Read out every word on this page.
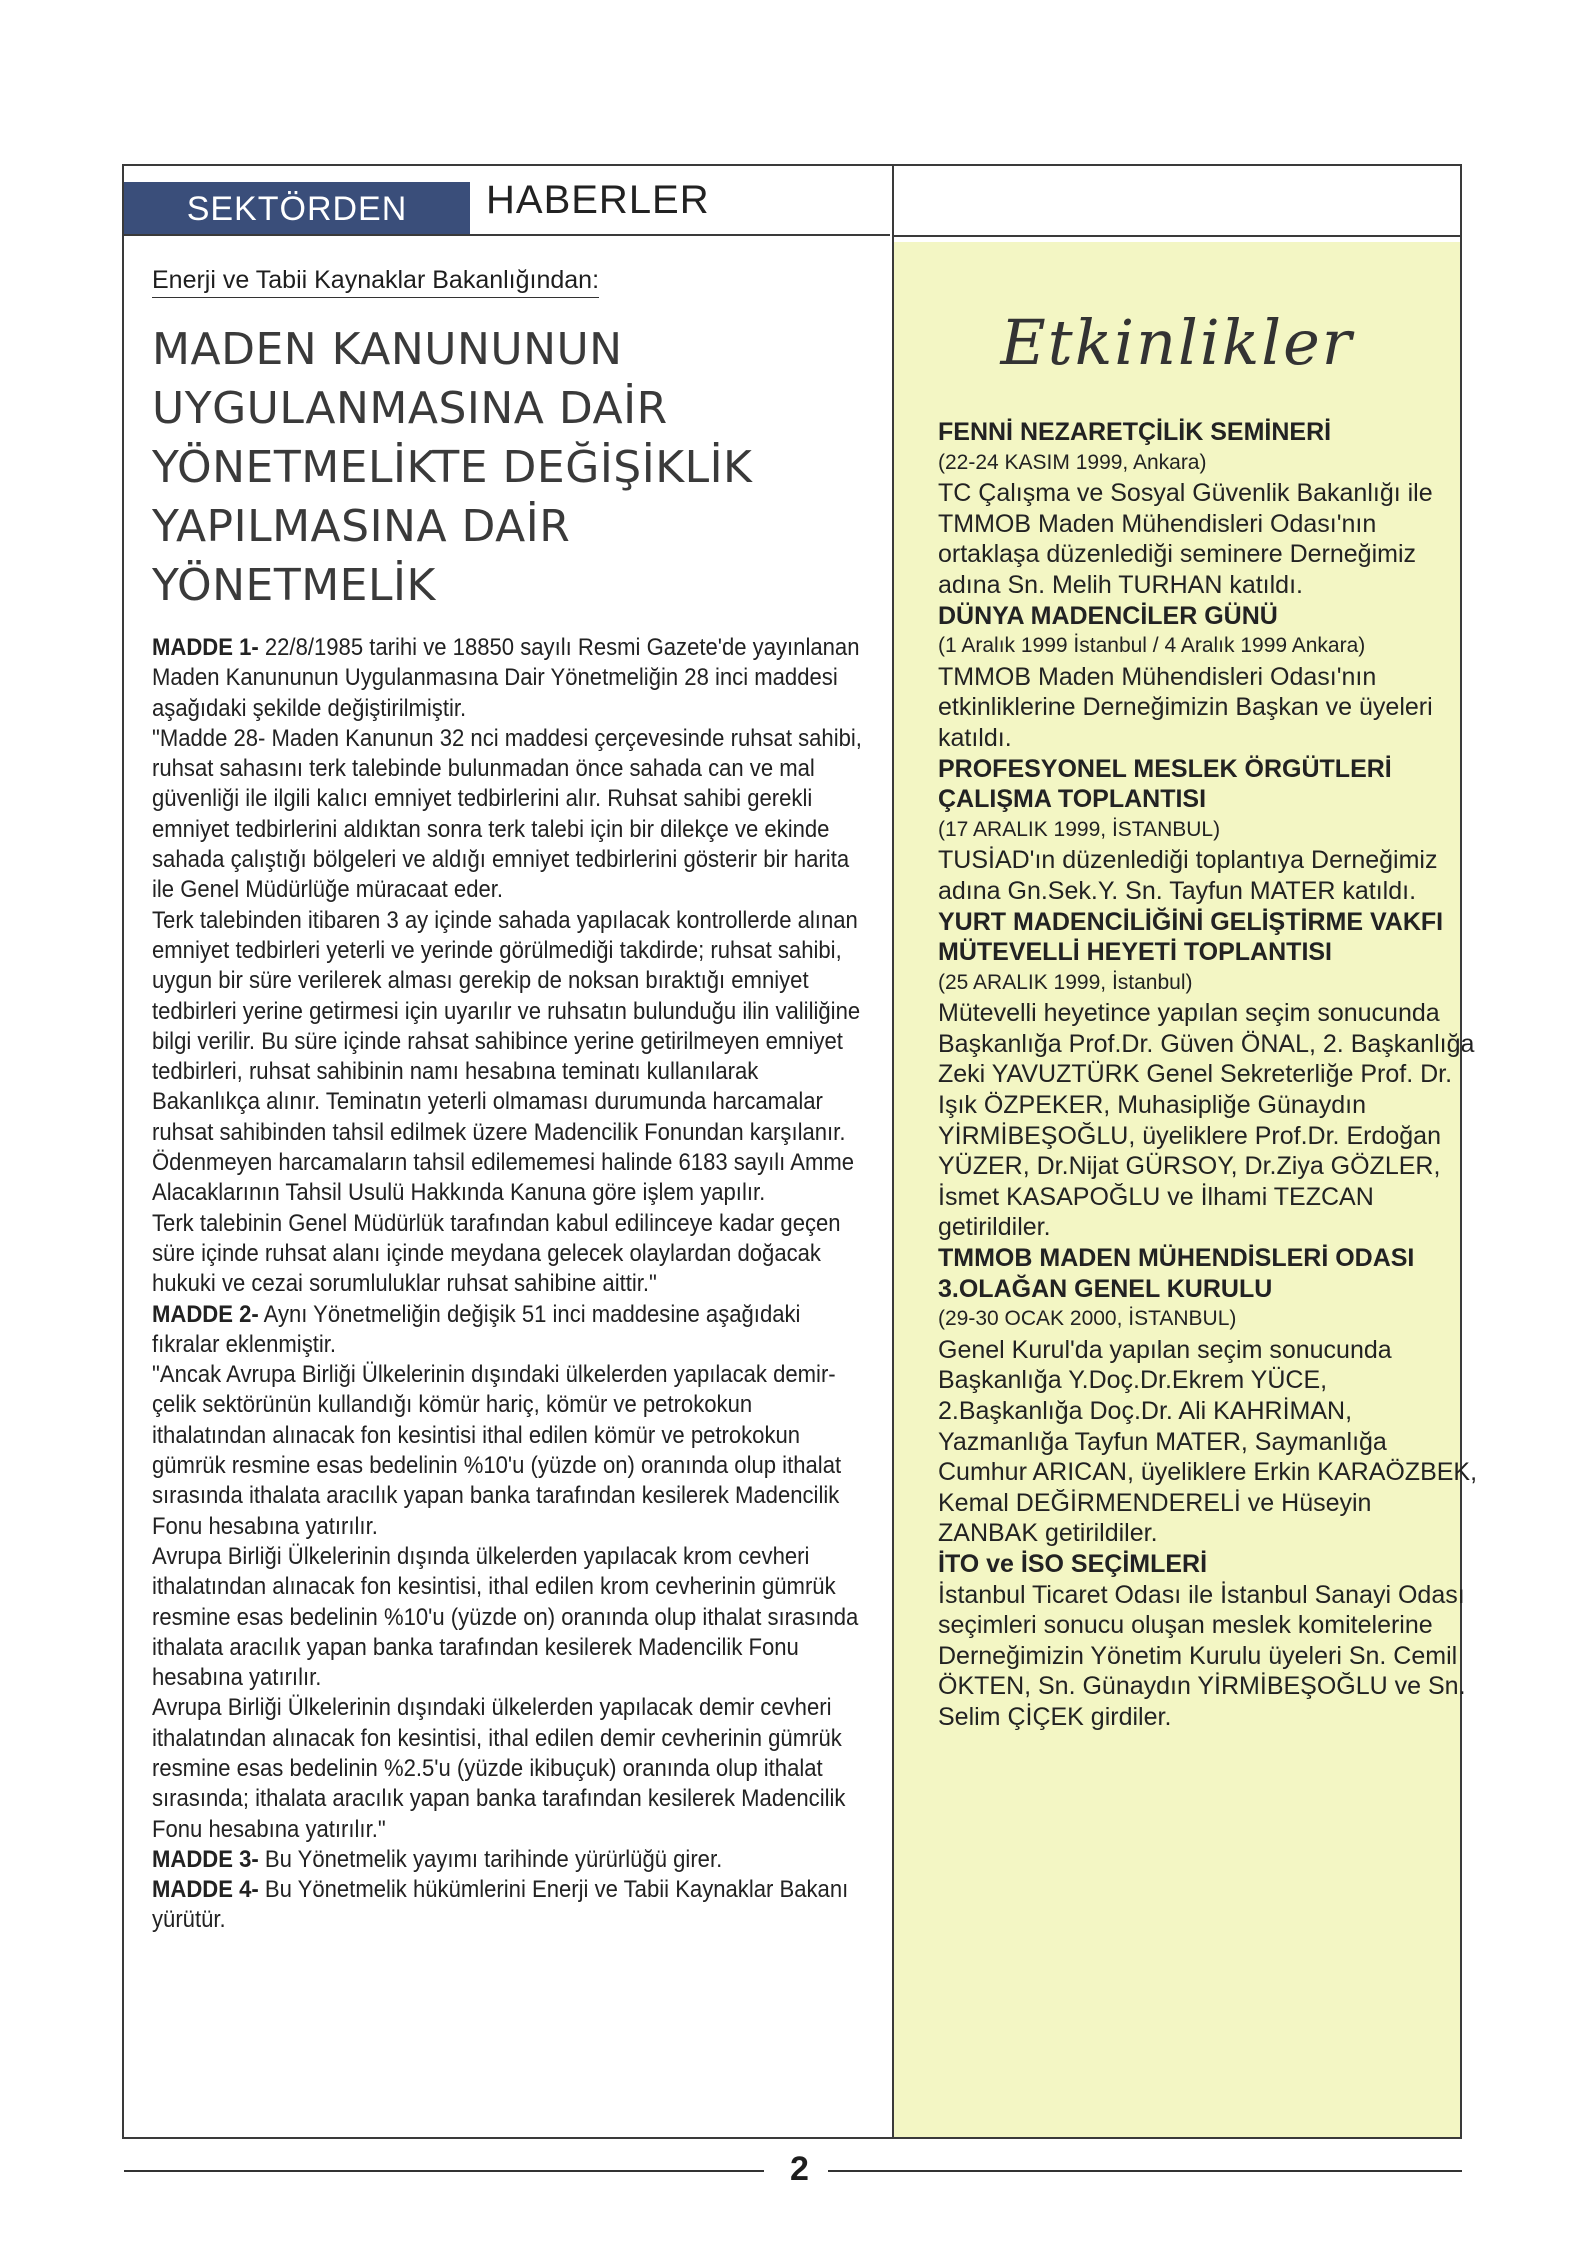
SEKTÖRDEN	HABERLER
Enerji ve Tabii Kaynaklar Bakanlığından:
MADEN KANUNUNUN
UYGULANMASINA DAİR
YÖNETMELİKTE DEĞİŞİKLİK
YAPILMASINA DAİR
YÖNETMELİK

MADDE 1- 22/8/1985 tarihi ve 18850 sayılı Resmi Gazete'de yayınlanan Maden Kanununun Uygulanmasına Dair Yönetmeliğin 28 inci maddesi aşağıdaki şekilde değiştirilmiştir.

"Madde 28- Maden Kanunun 32 nci maddesi çerçevesinde ruhsat sahibi, ruhsat sahasını terk talebinde bulunmadan önce sahada can ve mal güvenliği ile ilgili kalıcı emniyet tedbirlerini alır. Ruhsat sahibi gerekli emniyet tedbirlerini aldıktan sonra terk talebi için bir dilekçe ve ekinde sahada çalıştığı bölgeleri ve aldığı emniyet tedbirlerini gösterir bir harita ile Genel Müdürlüğe müracaat eder.

Terk talebinden itibaren 3 ay içinde sahada yapılacak kontrollerde alınan emniyet tedbirleri yeterli ve yerinde görülmediği takdirde; ruhsat sahibi, uygun bir süre verilerek alması gerekip de noksan bıraktığı emniyet tedbirleri yerine getirmesi için uyarılır ve ruhsatın bulunduğu ilin valiliğine bilgi verilir. Bu süre içinde rahsat sahibince yerine getirilmeyen emniyet tedbirleri, ruhsat sahibinin namı hesabına teminatı kullanılarak Bakanlıkça alınır. Teminatın yeterli olmaması durumunda harcamalar ruhsat sahibinden tahsil edilmek üzere Madencilik Fonundan karşılanır. Ödenmeyen harcamaların tahsil edilememesi halinde 6183 sayılı Amme Alacaklarının Tahsil Usulü Hakkında Kanuna göre işlem yapılır.

Terk talebinin Genel Müdürlük tarafından kabul edilinceye kadar geçen süre içinde ruhsat alanı içinde meydana gelecek olaylardan doğacak hukuki ve cezai sorumluluklar ruhsat sahibine aittir."

MADDE 2- Aynı Yönetmeliğin değişik 51 inci maddesine aşağıdaki fıkralar eklenmiştir.

"Ancak Avrupa Birliği Ülkelerinin dışındaki ülkelerden yapılacak demir-çelik sektörünün kullandığı kömür hariç, kömür ve petrokokun ithalatından alınacak fon kesintisi ithal edilen kömür ve petrokokun gümrük resmine esas bedelinin %10'u (yüzde on) oranında olup ithalat sırasında ithalata aracılık yapan banka tarafından kesilerek Madencilik Fonu hesabına yatırılır.

Avrupa Birliği Ülkelerinin dışında ülkelerden yapılacak krom cevheri ithalatından alınacak fon kesintisi, ithal edilen krom cevherinin gümrük resmine esas bedelinin %10'u (yüzde on) oranında olup ithalat sırasında ithalata aracılık yapan banka tarafından kesilerek Madencilik Fonu hesabına yatırılır.

Avrupa Birliği Ülkelerinin dışındaki ülkelerden yapılacak demir cevheri ithalatından alınacak fon kesintisi, ithal edilen demir cevherinin gümrük resmine esas bedelinin %2.5'u (yüzde ikibuçuk) oranında olup ithalat sırasında; ithalata aracılık yapan banka tarafından kesilerek Madencilik Fonu hesabına yatırılır."

MADDE 3- Bu Yönetmelik yayımı tarihinde yürürlüğü girer.

MADDE 4- Bu Yönetmelik hükümlerini Enerji ve Tabii Kaynaklar Bakanı yürütür.

Etkinlikler

FENNİ NEZARETÇİLİK SEMİNERİ

(22-24 KASIM 1999, Ankara)

TC Çalışma ve Sosyal Güvenlik Bakanlığı ile TMMOB Maden Mühendisleri Odası'nın ortaklaşa düzenlediği seminere Derneğimiz adına Sn. Melih TURHAN katıldı.

DÜNYA MADENCİLER GÜNÜ

(1 Aralık 1999 İstanbul / 4 Aralık 1999 Ankara)

TMMOB Maden Mühendisleri Odası'nın etkinliklerine Derneğimizin Başkan ve üyeleri katıldı.

PROFESYONEL MESLEK ÖRGÜTLERİ ÇALIŞMA TOPLANTISI

(17 ARALIK 1999, İSTANBUL)

TUSİAD'ın düzenlediği toplantıya Derneğimiz adına Gn.Sek.Y. Sn. Tayfun MATER katıldı.

YURT MADENCİLİĞİNİ GELİŞTİRME VAKFI MÜTEVELLİ HEYETİ TOPLANTISI

(25 ARALIK 1999, İstanbul)

Mütevelli heyetince yapılan seçim sonucunda Başkanlığa Prof.Dr. Güven ÖNAL, 2. Başkanlığa Zeki YAVUZTÜRK Genel Sekreterliğe Prof. Dr. Işık ÖZPEKER, Muhasipliğe Günaydın YİRMİBEŞOĞLU, üyeliklere Prof.Dr. Erdoğan YÜZER, Dr.Nijat GÜRSOY, Dr.Ziya GÖZLER, İsmet KASAPOĞLU ve İlhami TEZCAN getirildiler.

TMMOB MADEN MÜHENDİSLERİ ODASI 3.OLAĞAN GENEL KURULU

(29-30 OCAK 2000, İSTANBUL)

Genel Kurul'da yapılan seçim sonucunda Başkanlığa Y.Doç.Dr.Ekrem YÜCE, 2.Başkanlığa Doç.Dr. Ali KAHRİMAN, Yazmanlığa Tayfun MATER, Saymanlığa Cumhur ARICAN, üyeliklere Erkin KARAÖZBEK, Kemal DEĞİRMENDERELİ ve Hüseyin ZANBAK getirildiler.

İTO ve İSO SEÇİMLERİ

İstanbul Ticaret Odası ile İstanbul Sanayi Odası seçimleri sonucu oluşan meslek komitelerine Derneğimizin Yönetim Kurulu üyeleri Sn. Cemil ÖKTEN, Sn. Günaydın YİRMİBEŞOĞLU ve Sn. Selim ÇİÇEK girdiler.

2
